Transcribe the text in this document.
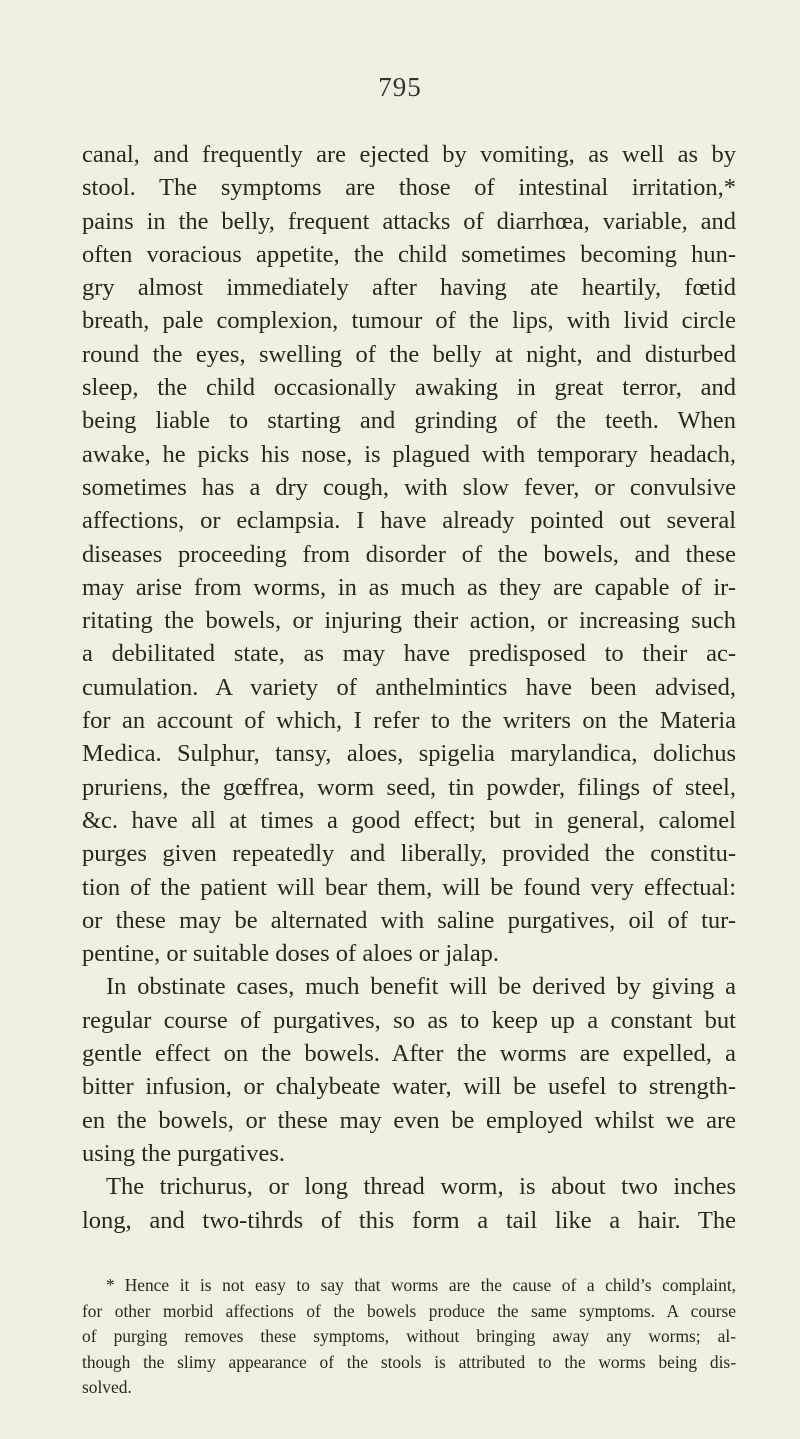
795
canal, and frequently are ejected by vomiting, as well as by
stool. The symptoms are those of intestinal irritation,*
pains in the belly, frequent attacks of diarrhœa, variable, and
often voracious appetite, the child sometimes becoming hun-
gry almost immediately after having ate heartily, fœtid
breath, pale complexion, tumour of the lips, with livid circle
round the eyes, swelling of the belly at night, and disturbed
sleep, the child occasionally awaking in great terror, and
being liable to starting and grinding of the teeth. When
awake, he picks his nose, is plagued with temporary headach,
sometimes has a dry cough, with slow fever, or convulsive
affections, or eclampsia. I have already pointed out several
diseases proceeding from disorder of the bowels, and these
may arise from worms, in as much as they are capable of ir-
ritating the bowels, or injuring their action, or increasing such
a debilitated state, as may have predisposed to their ac-
cumulation. A variety of anthelmintics have been advised,
for an account of which, I refer to the writers on the Materia
Medica. Sulphur, tansy, aloes, spigelia marylandica, dolichus
pruriens, the gœffrea, worm seed, tin powder, filings of steel,
&c. have all at times a good effect; but in general, calomel
purges given repeatedly and liberally, provided the constitu-
tion of the patient will bear them, will be found very effectual:
or these may be alternated with saline purgatives, oil of tur-
pentine, or suitable doses of aloes or jalap.
In obstinate cases, much benefit will be derived by giving a
regular course of purgatives, so as to keep up a constant but
gentle effect on the bowels. After the worms are expelled, a
bitter infusion, or chalybeate water, will be usefel to strength-
en the bowels, or these may even be employed whilst we are
using the purgatives.
The trichurus, or long thread worm, is about two inches
long, and two-tihrds of this form a tail like a hair. The
* Hence it is not easy to say that worms are the cause of a child’s complaint,
for other morbid affections of the bowels produce the same symptoms. A course
of purging removes these symptoms, without bringing away any worms; al-
though the slimy appearance of the stools is attributed to the worms being dis-
solved.
